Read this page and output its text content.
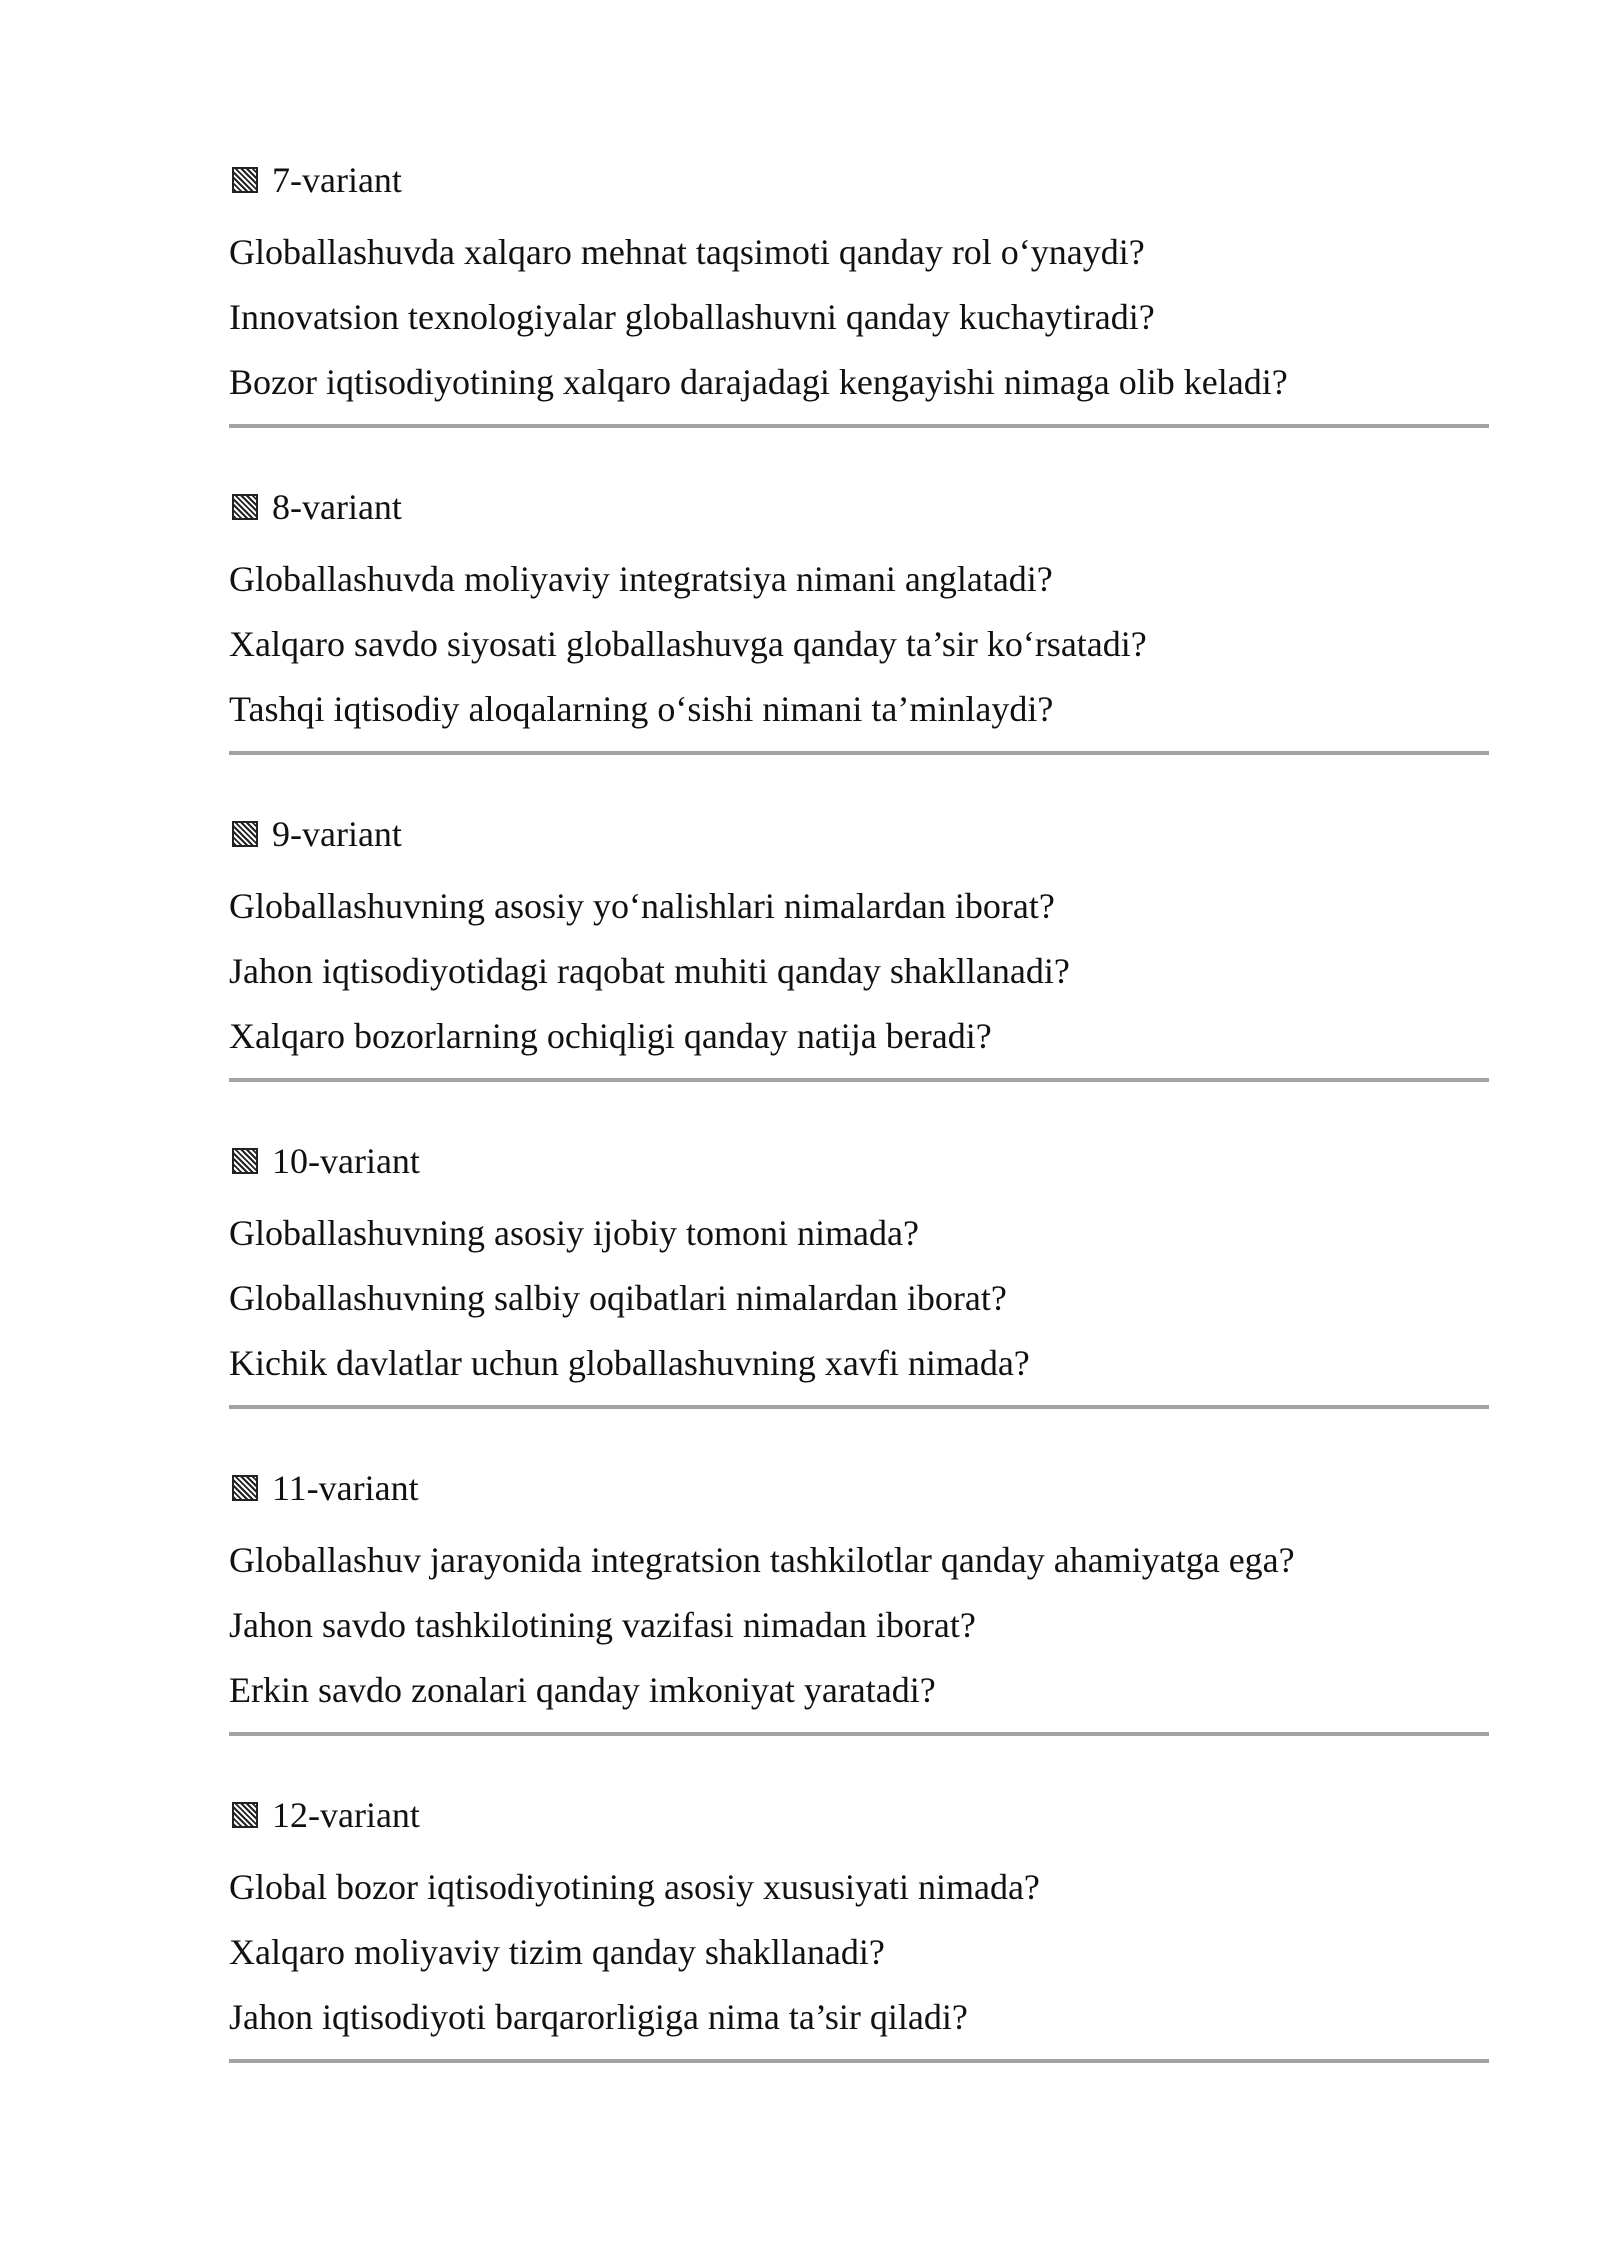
7-variant
Globallashuvda xalqaro mehnat taqsimoti qanday rol o‘ynaydi?
Innovatsion texnologiyalar globallashuvni qanday kuchaytiradi?
Bozor iqtisodiyotining xalqaro darajadagi kengayishi nimaga olib keladi?
8-variant
Globallashuvda moliyaviy integratsiya nimani anglatadi?
Xalqaro savdo siyosati globallashuvga qanday ta’sir ko‘rsatadi?
Tashqi iqtisodiy aloqalarning o‘sishi nimani ta’minlaydi?
9-variant
Globallashuvning asosiy yo‘nalishlari nimalardan iborat?
Jahon iqtisodiyotidagi raqobat muhiti qanday shakllanadi?
Xalqaro bozorlarning ochiqligi qanday natija beradi?
10-variant
Globallashuvning asosiy ijobiy tomoni nimada?
Globallashuvning salbiy oqibatlari nimalardan iborat?
Kichik davlatlar uchun globallashuvning xavfi nimada?
11-variant
Globallashuv jarayonida integratsion tashkilotlar qanday ahamiyatga ega?
Jahon savdo tashkilotining vazifasi nimadan iborat?
Erkin savdo zonalari qanday imkoniyat yaratadi?
12-variant
Global bozor iqtisodiyotining asosiy xususiyati nimada?
Xalqaro moliyaviy tizim qanday shakllanadi?
Jahon iqtisodiyoti barqarorligiga nima ta’sir qiladi?
